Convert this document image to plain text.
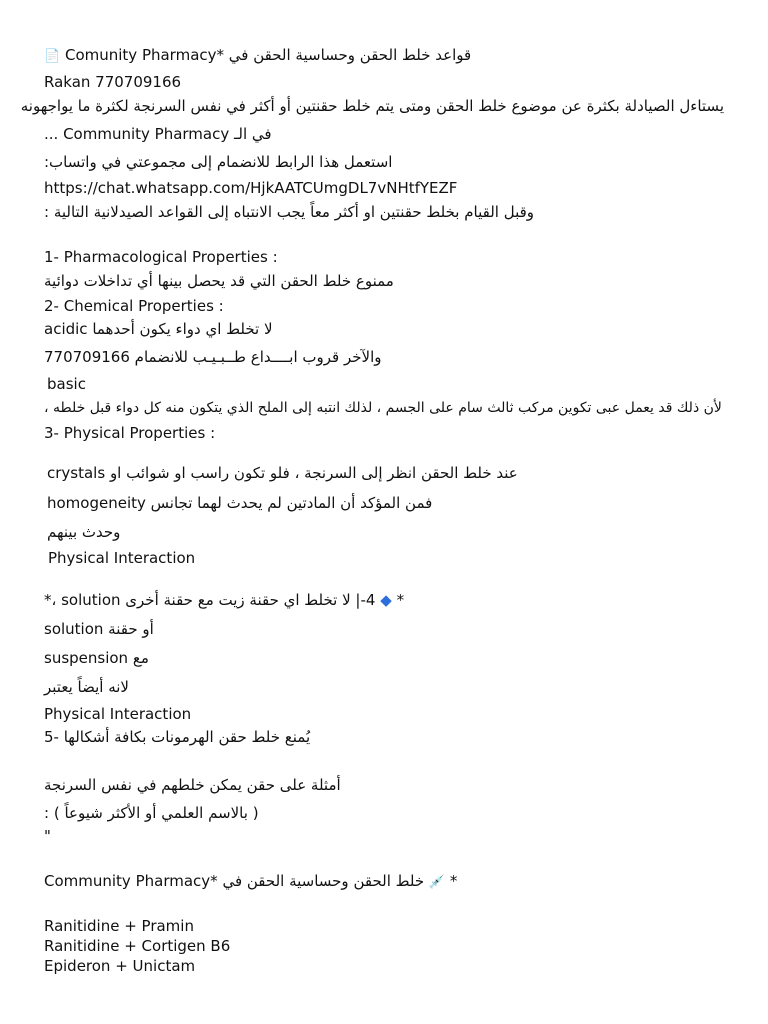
📄 Comunity Pharmacy* قواعد خلط الحقن وحساسية الحقن في
Rakan 770709166
يستاءل الصيادلة بكثرة عن موضوع خلط الحقن ومتى يتم خلط حقنتين أو أكثر في نفس السرنجة لكثرة ما يواجهونه
في الـ Community Pharmacy ...
استعمل هذا الرابط للانضمام إلى مجموعتي في واتساب:
https://chat.whatsapp.com/HjkAATCUmgDL7vNHtfYEZF
وقبل القيام بخلط حقنتين او أكثر معاً يجب الانتباه إلى القواعد الصيدلانية التالية :
1- Pharmacological Properties :
ممنوع خلط الحقن التي قد يحصل بينها أي تداخلات دوائية
2- Chemical Properties :
لا تخلط اي دواء يكون أحدهما acidic
والآخر قروب ابــــداع طــبـيـب للانضمام 770709166
basic
لأن ذلك قد يعمل عبى تكوين مركب ثالث سام على الجسم ، لذلك انتبه إلى الملح الذي يتكون منه كل دواء قبل خلطه ،
3- Physical Properties :
عند خلط الحقن انظر إلى السرنجة ، فلو تكون راسب او شوائب او crystals
فمن المؤكد أن المادتين لم يحدث لهما تجانس homogeneity
وحدث بينهم
Physical Interaction
* ◆ 4-| لا تخلط اي حقنة زيت مع حقنة أخرى solution ،*
أو حقنة solution
مع suspension
لانه أيضاً يعتبر
Physical Interaction
يُمنع خلط حقن الهرمونات بكافة أشكالها -5
أمثلة على حقن يمكن خلطهم في نفس السرنجة
( بالاسم العلمي أو الأكثر شيوعاً ) :
"
* 💉 خلط الحقن وحساسية الحقن في *Community Pharmacy
Ranitidine + Pramin
Ranitidine + Cortigen B6
Epideron + Unictam
